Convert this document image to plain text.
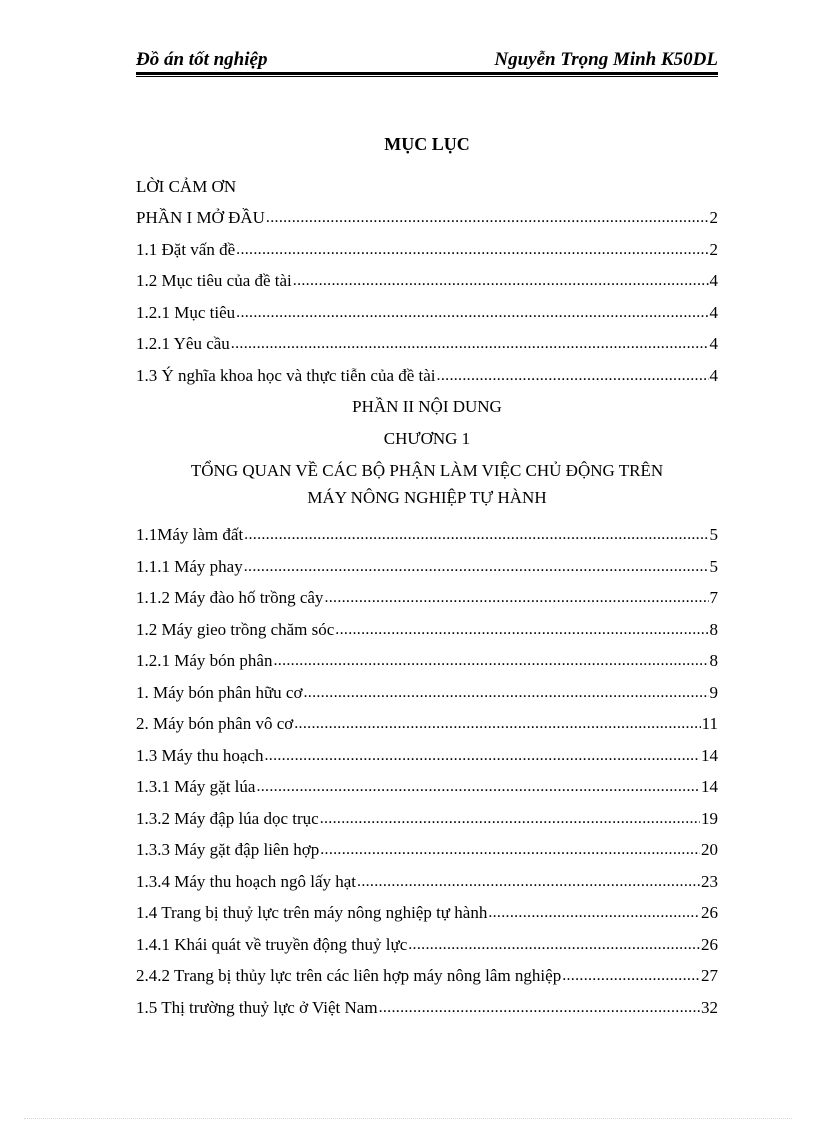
Đồ án tốt nghiệp	Nguyễn Trọng Minh K50DL
MỤC LỤC
LỜI CẢM ƠN
PHẦN I MỞ ĐẦU .....	2
1.1 Đặt vấn đề .....	2
1.2 Mục tiêu của đề tài .....	4
1.2.1 Mục tiêu .....	4
1.2.1 Yêu cầu .....	4
1.3 Ý nghĩa khoa học và thực tiễn của đề tài .....	4
PHẦN II NỘI DUNG
CHƯƠNG 1
TỔNG QUAN VỀ CÁC BỘ PHẬN LÀM VIỆC CHỦ ĐỘNG TRÊN
MÁY NÔNG NGHIỆP TỰ HÀNH
1.1Máy làm đất .....	5
1.1.1 Máy phay .....	5
1.1.2 Máy đào hố trồng cây .....	7
1.2 Máy gieo trồng chăm sóc .....	8
1.2.1 Máy bón phân .....	8
1. Máy bón phân hữu cơ .....	9
2. Máy bón phân vô cơ .....	11
1.3 Máy thu hoạch .....	14
1.3.1 Máy gặt lúa .....	14
1.3.2 Máy đập lúa dọc trục .....	19
1.3.3 Máy gặt đập liên hợp .....	20
1.3.4 Máy thu hoạch ngô lấy hạt .....	23
1.4 Trang bị thuỷ lực trên máy nông nghiệp tự hành .....	26
1.4.1 Khái quát về truyền động thuỷ lực .....	26
2.4.2 Trang bị thủy lực trên các liên hợp máy nông lâm nghiệp .....	27
1.5 Thị trường thuỷ lực ở Việt Nam .....	32
